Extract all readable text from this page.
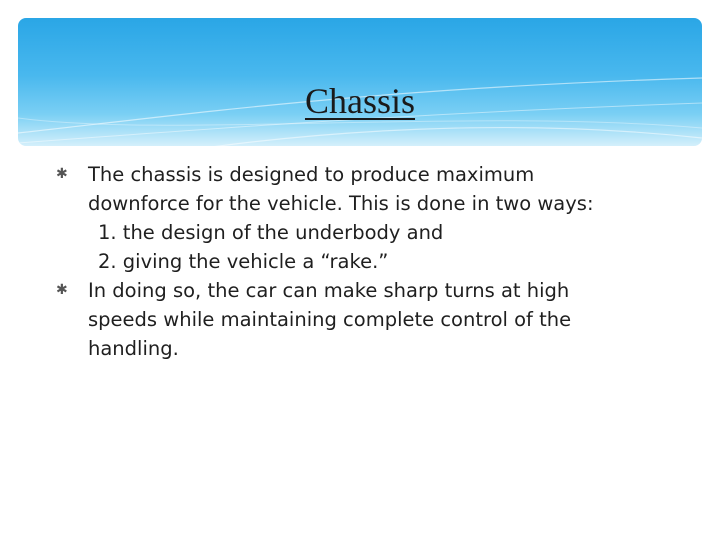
Chassis
✱ The chassis is designed to produce maximum
downforce for the vehicle. This is done in two ways:
1. the design of the underbody and
2. giving the vehicle a “rake.”
✱ In doing so, the car can make sharp turns at high
speeds while maintaining complete control of the
handling.
